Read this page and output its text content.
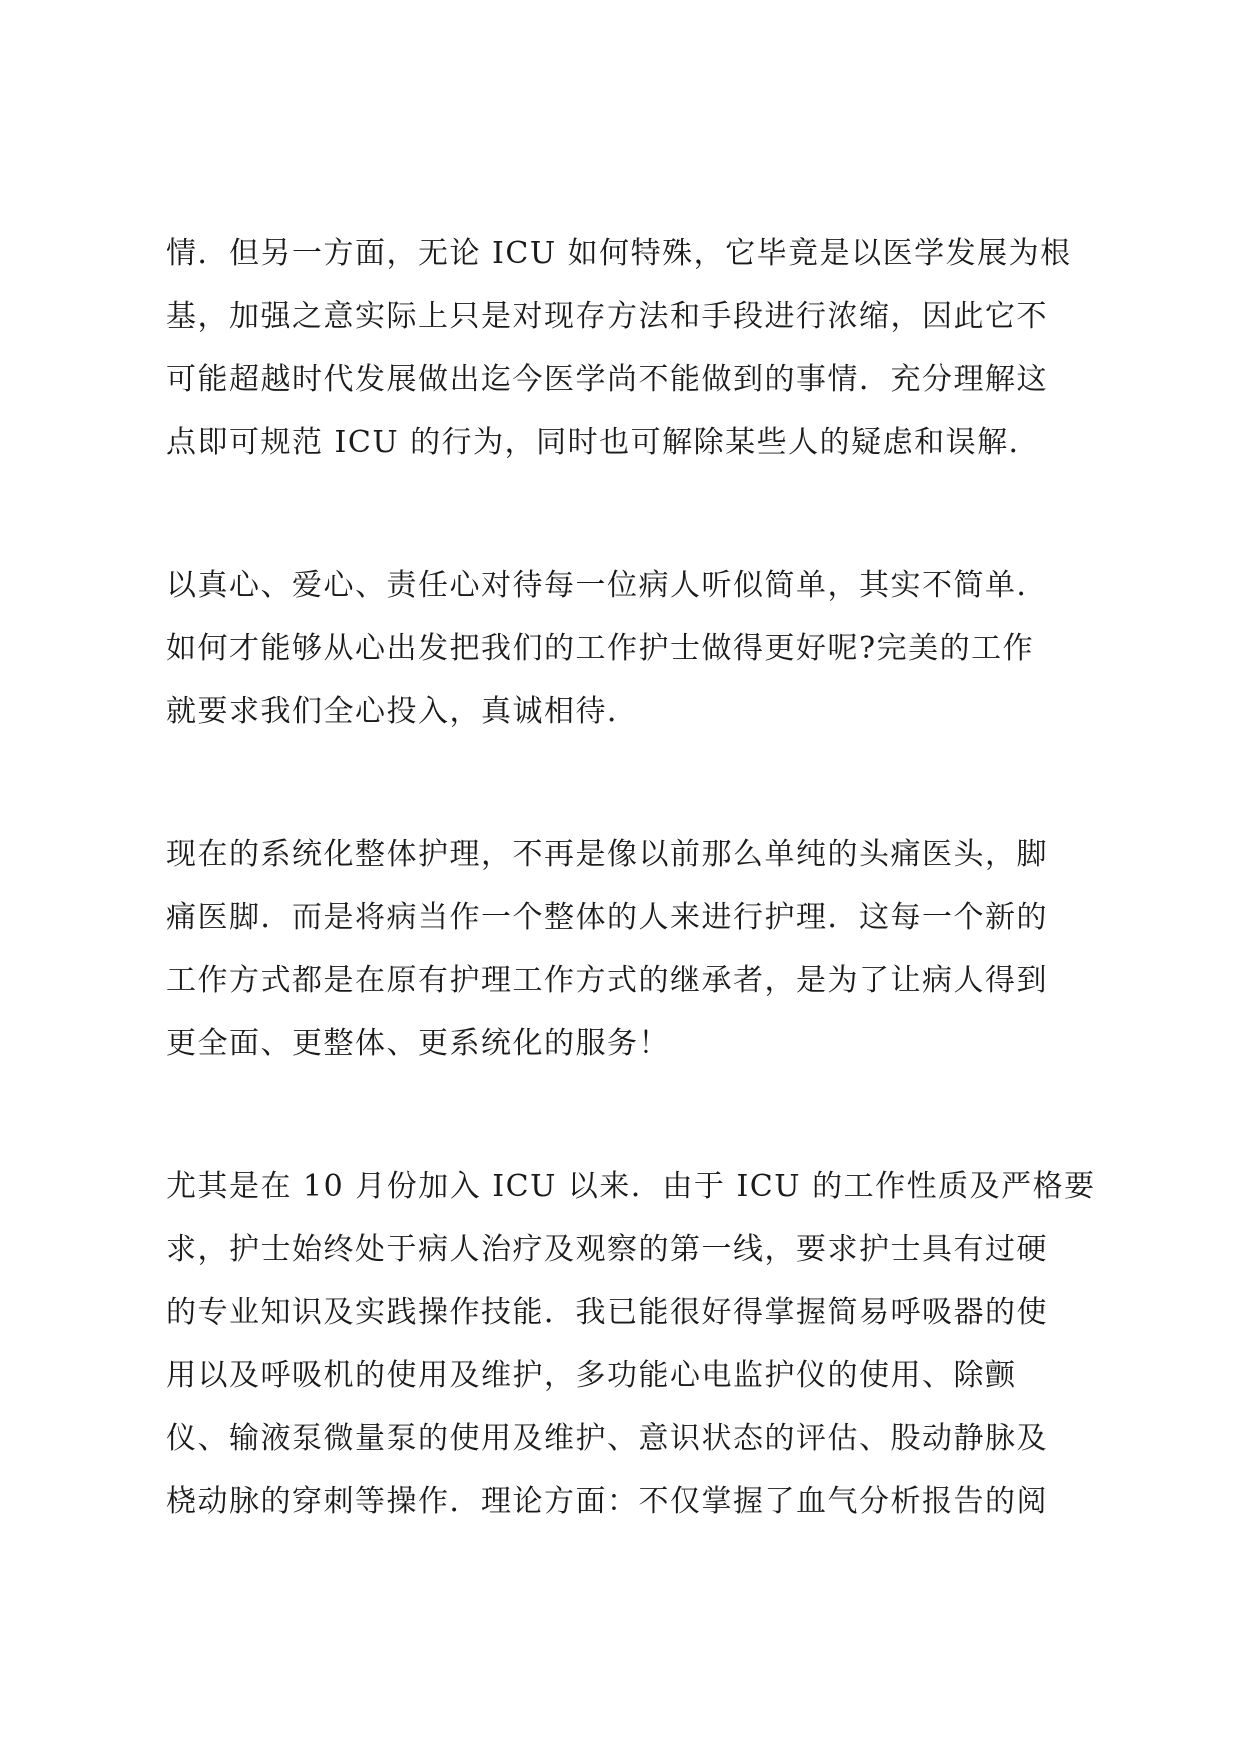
情．但另一方面，无论 ICU 如何特殊，它毕竟是以医学发展为根
基，加强之意实际上只是对现存方法和手段进行浓缩，因此它不
可能超越时代发展做出迄今医学尚不能做到的事情．充分理解这
点即可规范 ICU 的行为，同时也可解除某些人的疑虑和误解．
以真心、爱心、责任心对待每一位病人听似简单，其实不简单．
如何才能够从心出发把我们的工作护士做得更好呢?完美的工作
就要求我们全心投入，真诚相待．
现在的系统化整体护理，不再是像以前那么单纯的头痛医头，脚
痛医脚．而是将病当作一个整体的人来进行护理．这每一个新的
工作方式都是在原有护理工作方式的继承者，是为了让病人得到
更全面、更整体、更系统化的服务！
尤其是在 10 月份加入 ICU 以来．由于 ICU 的工作性质及严格要
求，护士始终处于病人治疗及观察的第一线，要求护士具有过硬
的专业知识及实践操作技能．我已能很好得掌握简易呼吸器的使
用以及呼吸机的使用及维护，多功能心电监护仪的使用、除颤
仪、输液泵微量泵的使用及维护、意识状态的评估、股动静脉及
桡动脉的穿刺等操作．理论方面：不仅掌握了血气分析报告的阅
